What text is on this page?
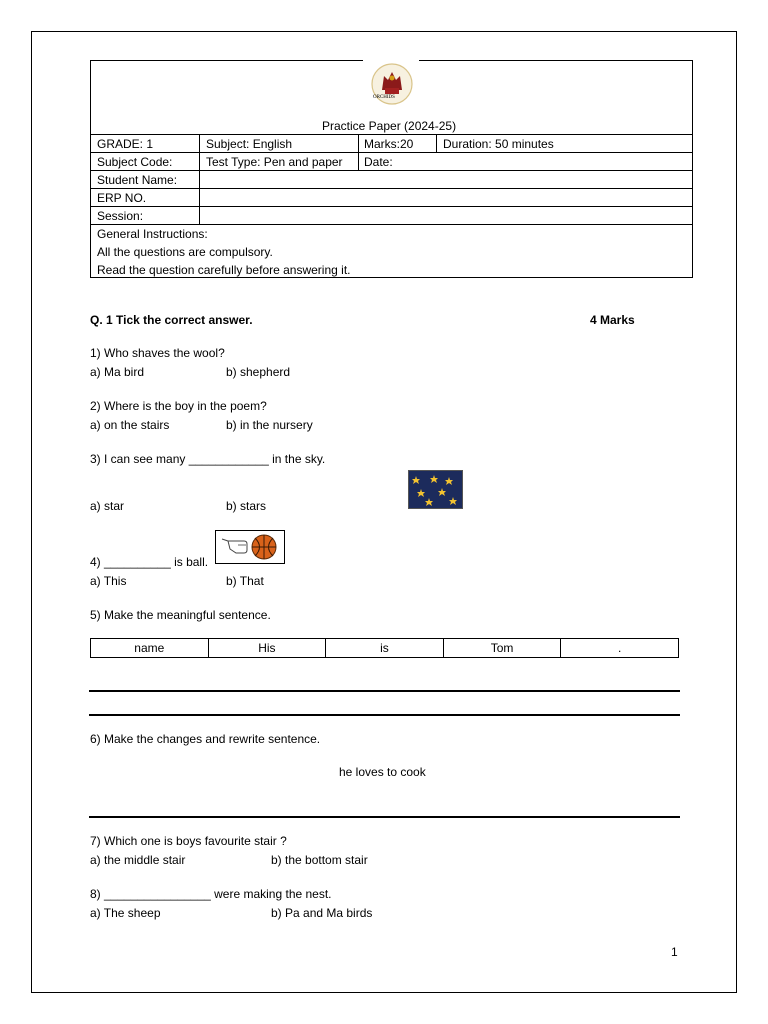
ORCHIDS
Practice Paper (2024-25)
GRADE: 1	Subject: English	Marks:20 Duration: 50 minutes
Subject Code:	Test Type: Pen and paper Date:
Student Name:
ERP NO.
Session:
General Instructions:
All the questions are compulsory.
Read the question carefully before answering it.
Q. 1 Tick the correct answer.	4 Marks
1) Who shaves the wool?
a) Ma bird	b) shepherd
2) Where is the boy in the poem?
a) on the stairs	b) in the nursery
3) I can see many ____________ in the sky.
a) star	b) stars
4) __________ is ball.
a) This	b) That
5) Make the meaningful sentence.
name	His	is	Tom	.
6) Make the changes and rewrite sentence.
he loves to cook
7) Which one is boys favourite stair ?
a) the middle stair	b) the bottom stair
8) ________________ were making the nest.
a) The sheep	b) Pa and Ma birds
1
